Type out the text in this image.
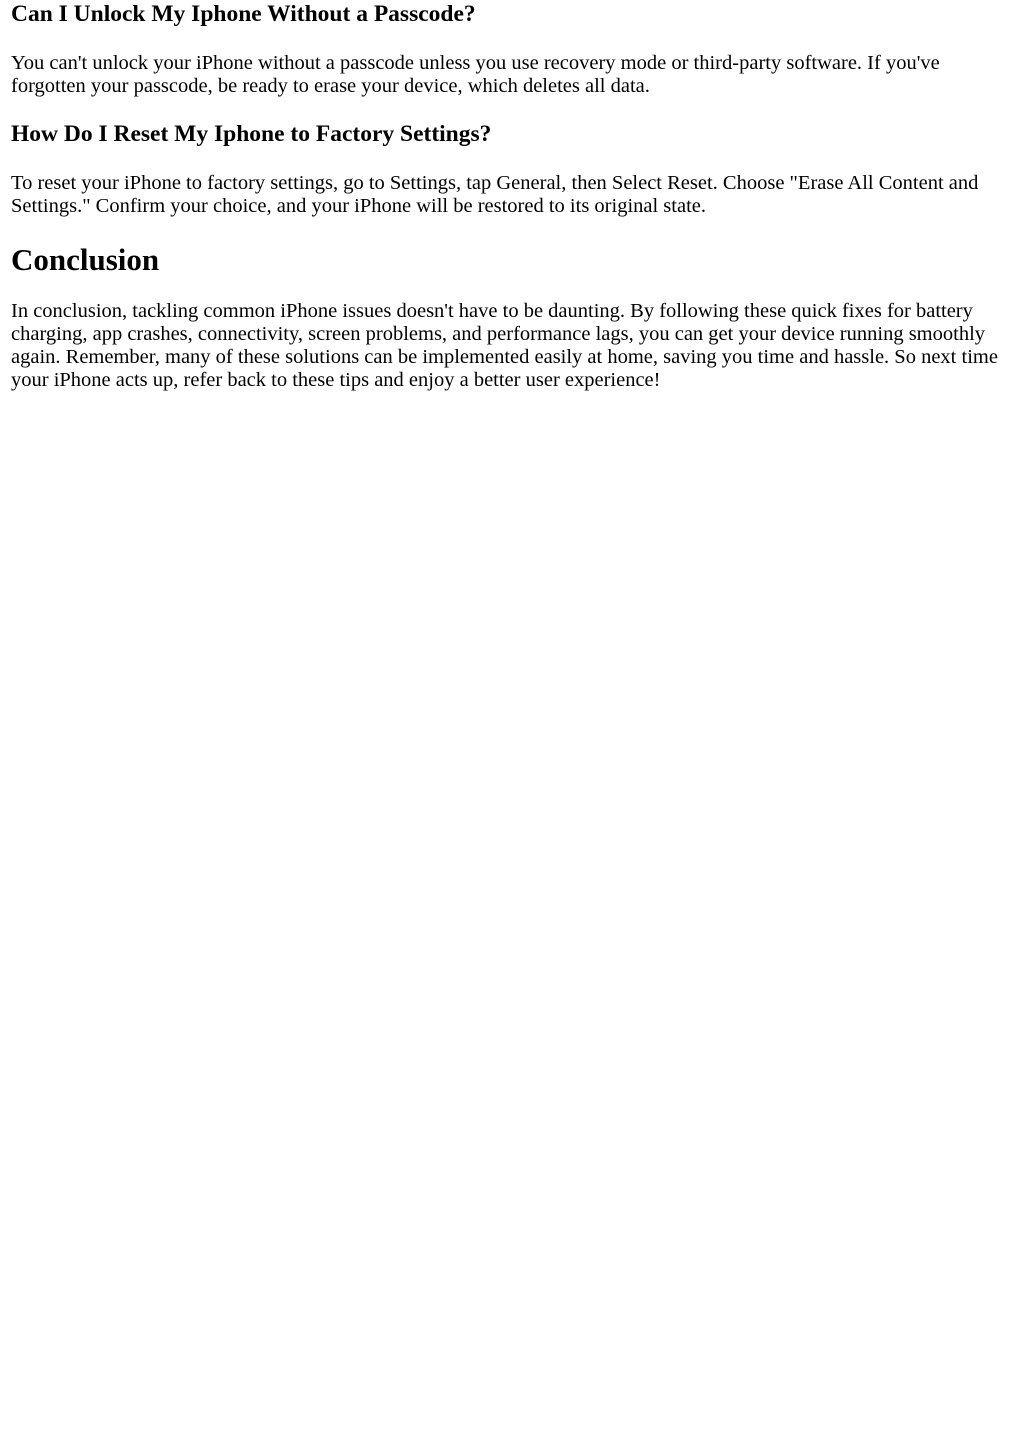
Can I Unlock My Iphone Without a Passcode?

You can't unlock your iPhone without a passcode unless you use recovery mode or third-party software. If you've forgotten your passcode, be ready to erase your device, which deletes all data.

How Do I Reset My Iphone to Factory Settings?

To reset your iPhone to factory settings, go to Settings, tap General, then Select Reset. Choose "Erase All Content and Settings." Confirm your choice, and your iPhone will be restored to its original state.

Conclusion

In conclusion, tackling common iPhone issues doesn't have to be daunting. By following these quick fixes for battery charging, app crashes, connectivity, screen problems, and performance lags, you can get your device running smoothly again. Remember, many of these solutions can be implemented easily at home, saving you time and hassle. So next time your iPhone acts up, refer back to these tips and enjoy a better user experience!
